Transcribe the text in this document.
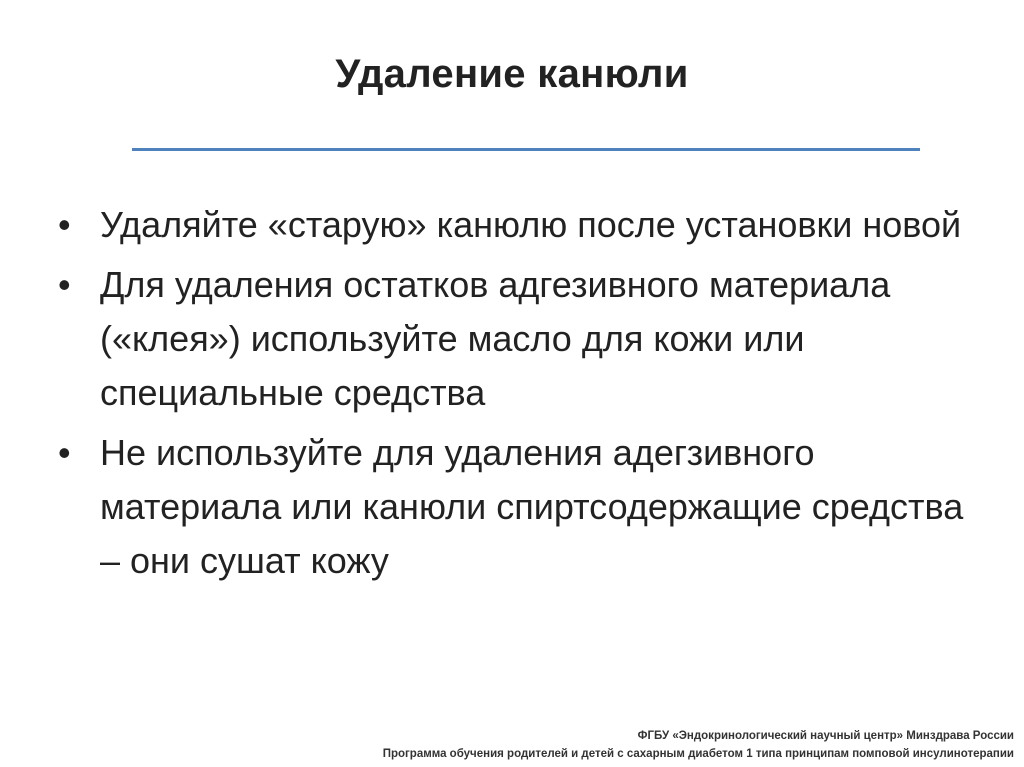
Удаление канюли
• Удаляйте «старую» канюлю после установки новой
• Для удаления остатков адгезивного материала («клея») используйте масло для кожи или специальные средства
• Не используйте для удаления адегзивного материала или канюли спиртсодержащие средства – они сушат кожу
ФГБУ «Эндокринологический научный центр» Минздрава России
Программа обучения родителей и детей с сахарным диабетом 1 типа принципам помповой инсулинотерапии
